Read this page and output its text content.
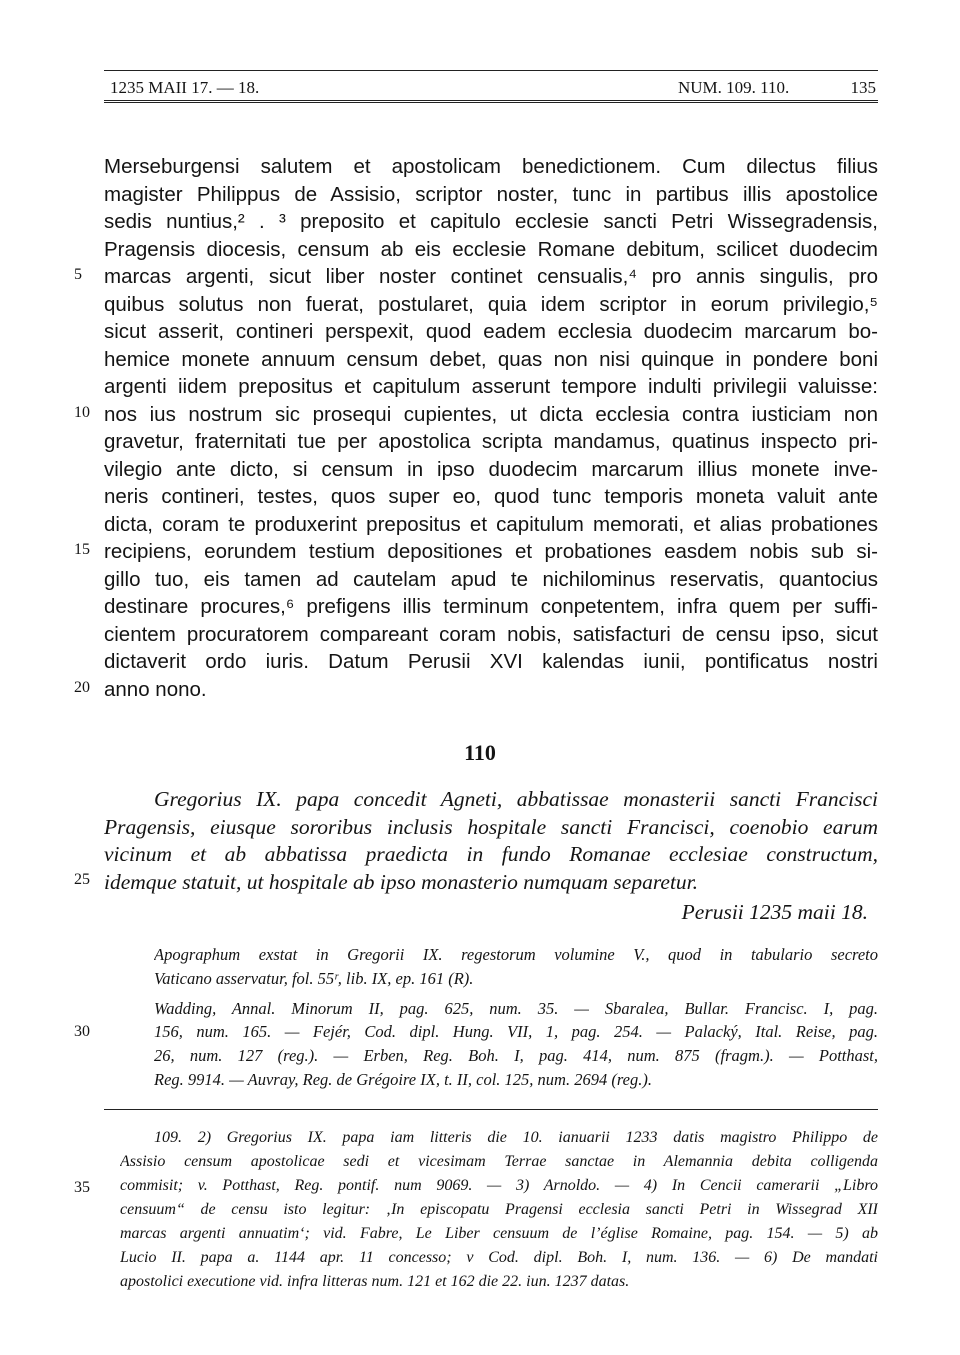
1235 MAII 17. — 18.	NUM. 109. 110.	135
Merseburgensi salutem et apostolicam benedictionem. Cum dilectus filius
magister Philippus de Assisio, scriptor noster, tunc in partibus illis apostolice
sedis nuntius,² . ³ preposito et capitulo ecclesie sancti Petri Wissegradensis,
Pragensis diocesis, censum ab eis ecclesie Romane debitum, scilicet duodecim
marcas argenti, sicut liber noster continet censualis,⁴ pro annis singulis, pro
quibus solutus non fuerat, postularet, quia idem scriptor in eorum privilegio,⁵
sicut asserit, contineri perspexit, quod eadem ecclesia duodecim marcarum bo-
hemice monete annuum censum debet, quas non nisi quinque in pondere boni
argenti iidem prepositus et capitulum asserunt tempore indulti privilegii valuisse:
nos ius nostrum sic prosequi cupientes, ut dicta ecclesia contra iusticiam non
gravetur, fraternitati tue per apostolica scripta mandamus, quatinus inspecto pri-
vilegio ante dicto, si censum in ipso duodecim marcarum illius monete inve-
neris contineri, testes, quos super eo, quod tunc temporis moneta valuit ante
dicta, coram te produxerint prepositus et capitulum memorati, et alias probationes
recipiens, eorundem testium depositiones et probationes easdem nobis sub si-
gillo tuo, eis tamen ad cautelam apud te nichilominus reservatis, quantocius
destinare procures,⁶ prefigens illis terminum conpetentem, infra quem per suffi-
cientem procuratorem compareant coram nobis, satisfacturi de censu ipso, sicut
dictaverit ordo iuris. Datum Perusii XVI kalendas iunii, pontificatus nostri
anno nono.
5
10
15
20
25
30
35
110
Gregorius IX. papa concedit Agneti, abbatissae monasterii sancti Francisci
Pragensis, eiusque sororibus inclusis hospitale sancti Francisci, coenobio earum
vicinum et ab abbatissa praedicta in fundo Romanae ecclesiae constructum,
idemque statuit, ut hospitale ab ipso monasterio numquam separetur.
Perusii 1235 maii 18.
Apographum exstat in Gregorii IX. regestorum volumine V., quod in tabulario secreto
Vaticano asservatur, fol. 55ʳ, lib. IX, ep. 161 (R).
Wadding, Annal. Minorum II, pag. 625, num. 35. — Sbaralea, Bullar. Francisc. I, pag.
156, num. 165. — Fejér, Cod. dipl. Hung. VII, 1, pag. 254. — Palacký, Ital. Reise, pag.
26, num. 127 (reg.). — Erben, Reg. Boh. I, pag. 414, num. 875 (fragm.). — Potthast,
Reg. 9914. — Auvray, Reg. de Grégoire IX, t. II, col. 125, num. 2694 (reg.).
109. 2) Gregorius IX. papa iam litteris die 10. ianuarii 1233 datis magistro Philippo de
Assisio censum apostolicae sedi et vicesimam Terrae sanctae in Alemannia debita colligenda
commisit; v. Potthast, Reg. pontif. num 9069. — 3) Arnoldo. — 4) In Cencii camerarii „Libro
censuum“ de censu isto legitur: ‚In episcopatu Pragensi ecclesia sancti Petri in Wissegrad XII
marcas argenti annuatim‘; vid. Fabre, Le Liber censuum de l’église Romaine, pag. 154. — 5) ab
Lucio II. papa a. 1144 apr. 11 concesso; v Cod. dipl. Boh. I, num. 136. — 6) De mandati
apostolici executione vid. infra litteras num. 121 et 162 die 22. iun. 1237 datas.
